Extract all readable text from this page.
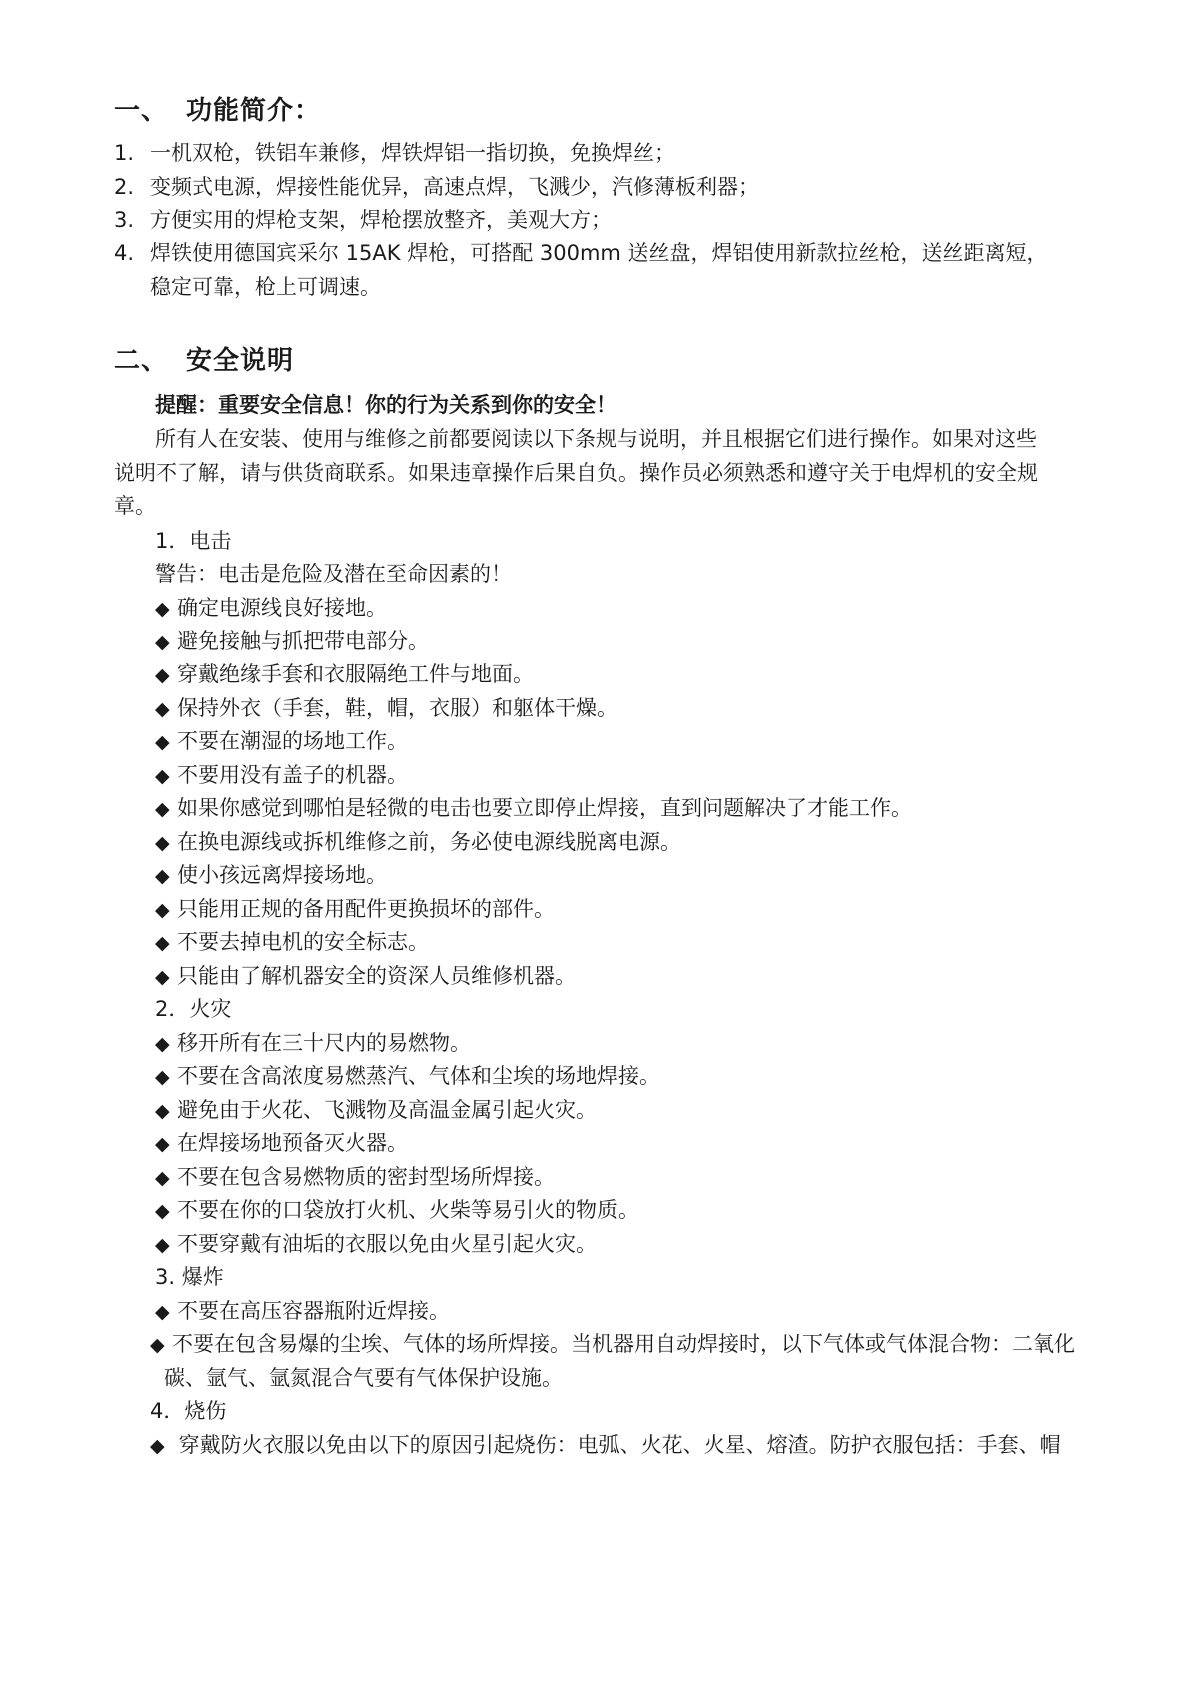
一、 功能简介：
1. 一机双枪，铁铝车兼修，焊铁焊铝一指切换，免换焊丝；
2. 变频式电源，焊接性能优异，高速点焊，飞溅少，汽修薄板利器；
3. 方便实用的焊枪支架，焊枪摆放整齐，美观大方；
4. 焊铁使用德国宾采尔 15AK 焊枪，可搭配 300mm 送丝盘，焊铝使用新款拉丝枪，送丝距离短，
稳定可靠，枪上可调速。
二、 安全说明
提醒：重要安全信息！你的行为关系到你的安全！
所有人在安装、使用与维修之前都要阅读以下条规与说明，并且根据它们进行操作。如果对这些
说明不了解，请与供货商联系。如果违章操作后果自负。操作员必须熟悉和遵守关于电焊机的安全规
章。
1．电击
警告：电击是危险及潜在至命因素的！
◆ 确定电源线良好接地。
◆ 避免接触与抓把带电部分。
◆ 穿戴绝缘手套和衣服隔绝工件与地面。
◆ 保持外衣（手套，鞋，帽，衣服）和躯体干燥。
◆ 不要在潮湿的场地工作。
◆ 不要用没有盖子的机器。
◆ 如果你感觉到哪怕是轻微的电击也要立即停止焊接，直到问题解决了才能工作。
◆ 在换电源线或拆机维修之前，务必使电源线脱离电源。
◆ 使小孩远离焊接场地。
◆ 只能用正规的备用配件更换损坏的部件。
◆ 不要去掉电机的安全标志。
◆ 只能由了解机器安全的资深人员维修机器。
2．火灾
◆ 移开所有在三十尺内的易燃物。
◆ 不要在含高浓度易燃蒸汽、气体和尘埃的场地焊接。
◆ 避免由于火花、飞溅物及高温金属引起火灾。
◆ 在焊接场地预备灭火器。
◆ 不要在包含易燃物质的密封型场所焊接。
◆ 不要在你的口袋放打火机、火柴等易引火的物质。
◆ 不要穿戴有油垢的衣服以免由火星引起火灾。
3. 爆炸
◆ 不要在高压容器瓶附近焊接。
◆ 不要在包含易爆的尘埃、气体的场所焊接。当机器用自动焊接时，以下气体或气体混合物：二氧化
碳、氩气、氩氮混合气要有气体保护设施。
4．烧伤
◆ 穿戴防火衣服以免由以下的原因引起烧伤：电弧、火花、火星、熔渣。防护衣服包括：手套、帽
